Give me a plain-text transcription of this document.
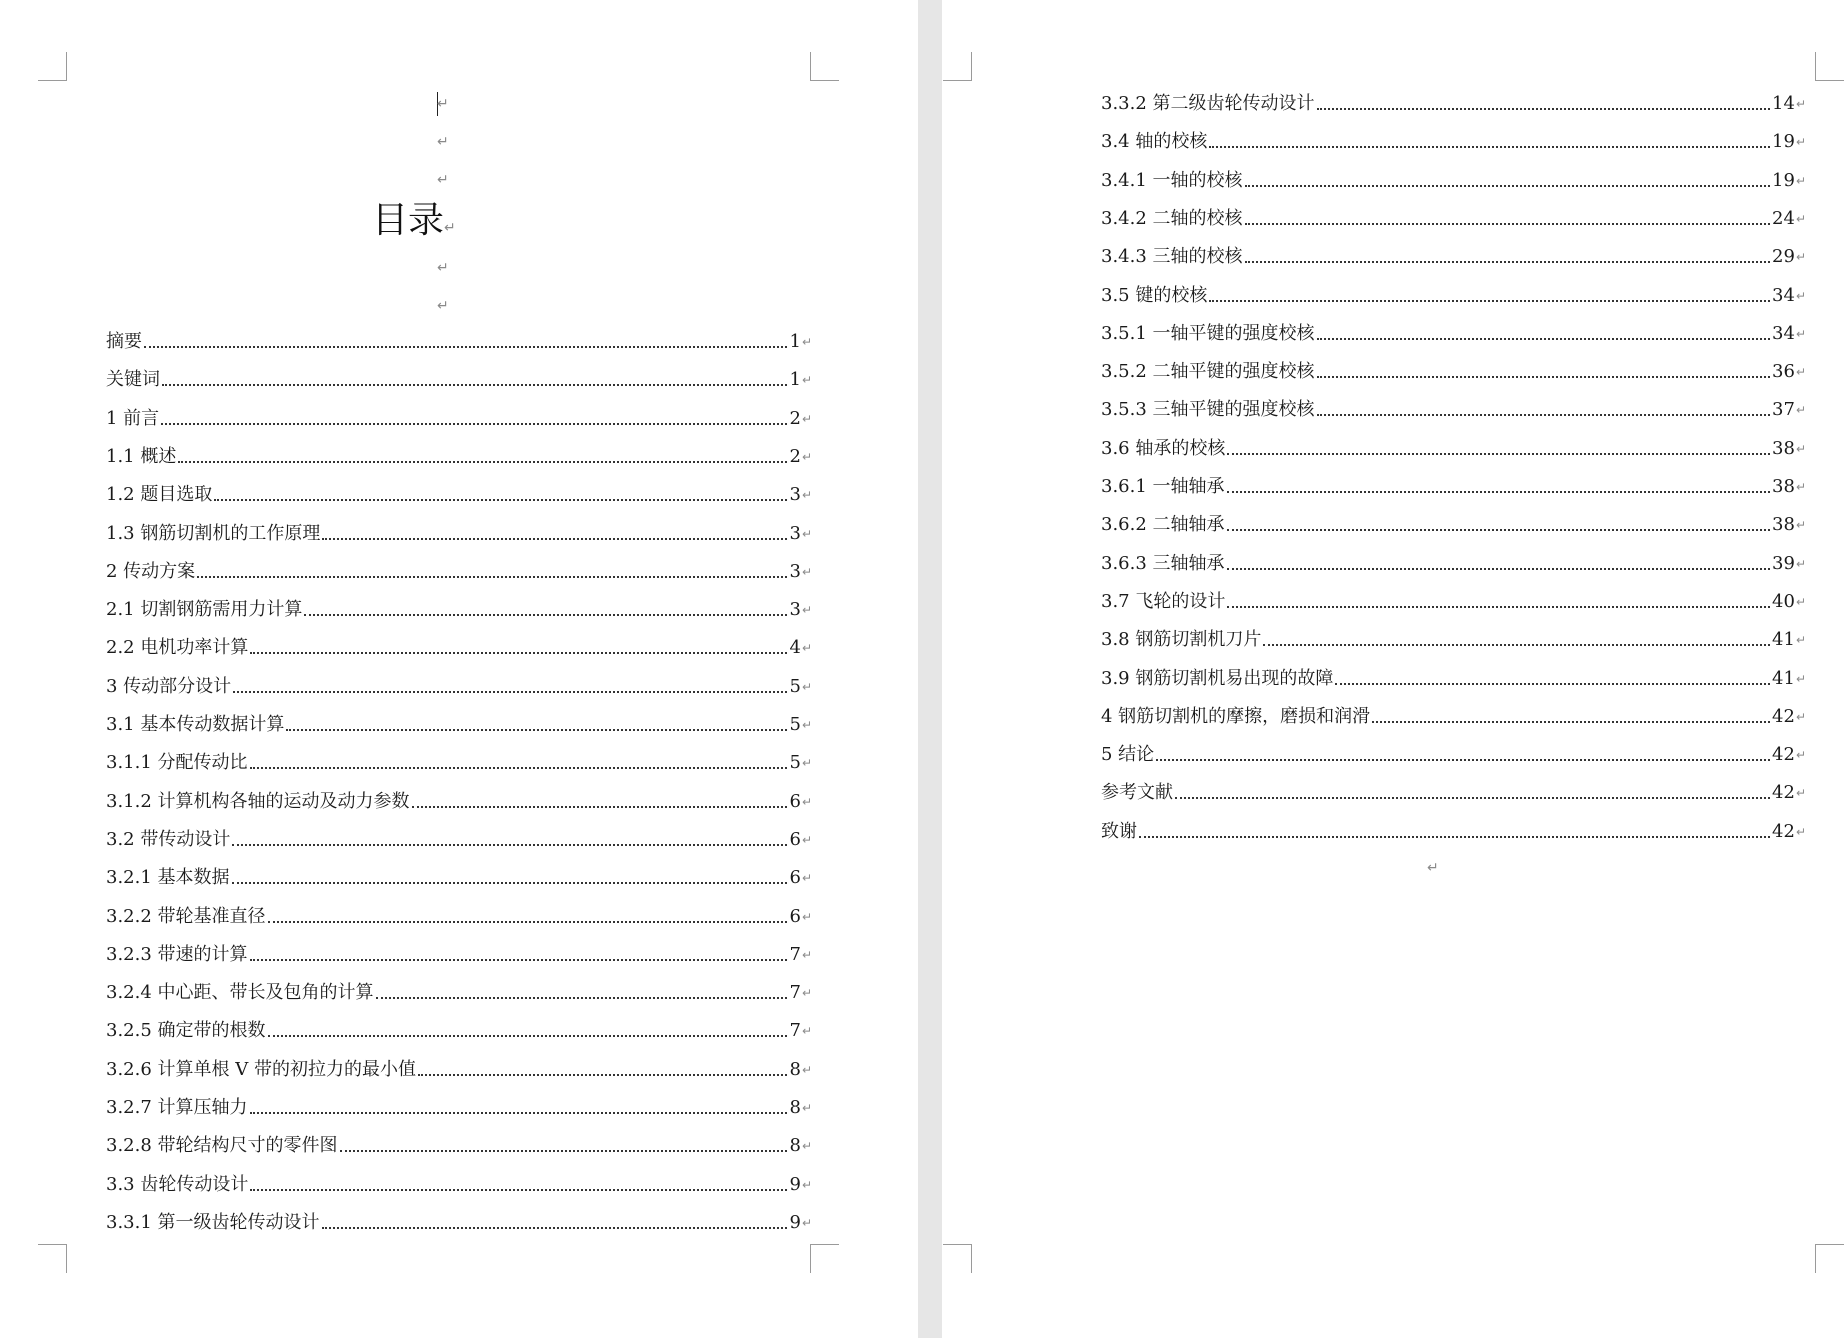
↵
↵
↵
目录↵
↵
↵
摘要	1 ↵
关键词	1 ↵
1 前言	2 ↵
1.1 概述	2 ↵
1.2 题目选取	3 ↵
1.3 钢筋切割机的工作原理	3 ↵
2 传动方案	3 ↵
2.1 切割钢筋需用力计算	3 ↵
2.2 电机功率计算	4 ↵
3 传动部分设计	5 ↵
3.1 基本传动数据计算	5 ↵
3.1.1 分配传动比	5 ↵
3.1.2 计算机构各轴的运动及动力参数	6 ↵
3.2 带传动设计	6 ↵
3.2.1 基本数据	6 ↵
3.2.2 带轮基准直径	6 ↵
3.2.3 带速的计算	7 ↵
3.2.4 中心距、带长及包角的计算	7 ↵
3.2.5 确定带的根数	7 ↵
3.2.6 计算单根 V 带的初拉力的最小值	8 ↵
3.2.7 计算压轴力	8 ↵
3.2.8 带轮结构尺寸的零件图	8 ↵
3.3 齿轮传动设计	9 ↵
3.3.1 第一级齿轮传动设计	9 ↵
3.3.2 第二级齿轮传动设计	14 ↵
3.4 轴的校核	19 ↵
3.4.1 一轴的校核	19 ↵
3.4.2 二轴的校核	24 ↵
3.4.3 三轴的校核	29 ↵
3.5 键的校核	34 ↵
3.5.1 一轴平键的强度校核	34 ↵
3.5.2 二轴平键的强度校核	36 ↵
3.5.3 三轴平键的强度校核	37 ↵
3.6 轴承的校核	38 ↵
3.6.1 一轴轴承	38 ↵
3.6.2 二轴轴承	38 ↵
3.6.3 三轴轴承	39 ↵
3.7 飞轮的设计	40 ↵
3.8 钢筋切割机刀片	41 ↵
3.9 钢筋切割机易出现的故障	41 ↵
4 钢筋切割机的摩擦，磨损和润滑	42 ↵
5 结论	42 ↵
参考文献	42 ↵
致谢	42 ↵
↵
